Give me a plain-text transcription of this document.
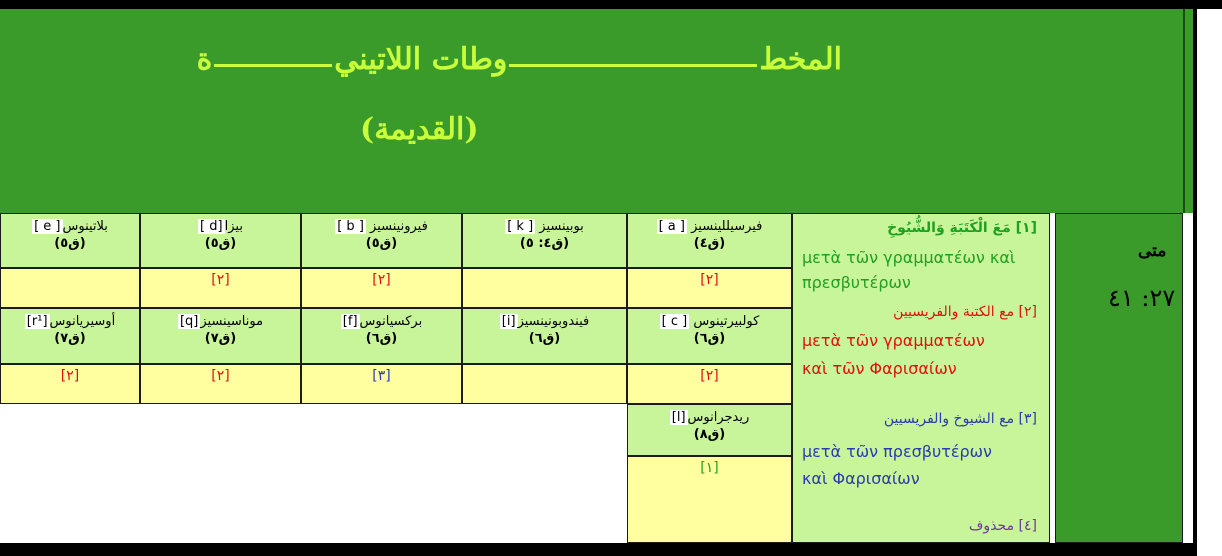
المخطوطات اللاتينية
(القديمة)
متى
٢٧: ٤١
[١] مَعَ الْكَتَبَةِ وَالشُّيُوخِ
μετὰ τῶν γραμματέων καὶ
πρεσβυτέρων
[٢] مع الكتبة والفريسيين
μετὰ τῶν γραμματέων
καὶ τῶν Φαρισαίων
[٣] مع الشيوخ والفريسيين
μετὰ τῶν πρεσβυτέρων
καὶ Φαρισαίων
[٤] محذوف
فيرسيللينسيز [ a ]
(ق٤)
بوبينسيز [ k ]
(ق٤: ٥)
فيرونينسيز [ b ]
(ق٥)
بيزا[d ]
(ق٥)
بلاتينوس[ e ]
(ق٥)
[٢]
[٢]
[٢]
كولبيرتينوس [ c ]
(ق٦)
فيندوبونينسيز[i]
(ق٦)
بركسيانوس[f]
(ق٦)
موناسينسيز[q]
(ق٧)
أوسيريانوس[r¹]
(ق٧)
[٢]
[٣]
[٢]
[٢]
ريدجرانوس[l]
(ق٨)
[١]
